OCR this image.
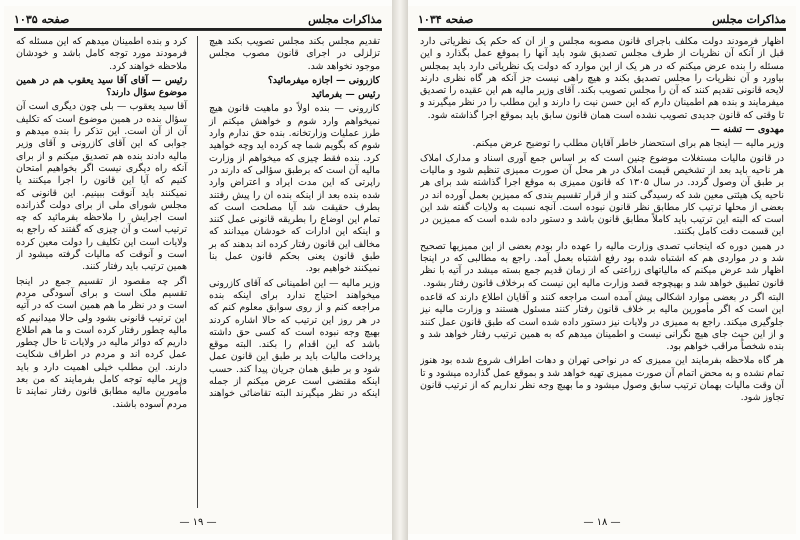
مذاکرات مجلس
صفحه ۱۰۳۵

تقدیم مجلس بکند مجلس تصویب بکند هیچ تزلزلی در اجرای قانون مصوب مجلس موجود نخواهد شد.

کازرونی — اجازه میفرمائید؟

رئیس — بفرمائید

کازرونی — بنده اولاً دو ماهیت قانون هیچ نمیخواهم وارد شوم و خواهش میکنم از طرز عملیات وزارتخانه. بنده حق ندارم وارد شوم که بگویم شما چه کرده اید وچه خواهید کرد. بنده فقط چیزی که میخواهم از وزارت مالیه آن است که برطبق سؤالی که دارند در راپرتی که این مدت ایراد و اعتراض وارد شده بنده بعد از اینکه بنده ان را پیش رفتند بطرف حقیقت شد آیا مصلحت است که تمام این اوضاع را بطریقه قانونی عمل کنند و اینکه این ادارات که خودشان میدانند که مخالف این قانون رفتار کرده اند بدهند که بر طبق قانون یعنی بحکم قانون عمل بنا نمیکنند خواهیم بود.

وزیر مالیه — این اطمینانی که آقای کازرونی میخواهند احتیاج ندارد برای اینکه بنده مراجعه کنم و از روی سوابق معلوم کنم که در هر روز این ترتیب که حالا اشاره کردند بهیچ وجه نبوده است که کسی حق داشته باشد که این اقدام را بکند. البته موقع پرداخت مالیات باید بر طبق این قانون عمل شود و بر طبق همان جریان پیدا کند. حسب اینکه مقتضی است عرض میکنم از جمله اینکه در نظر میگیرند البته تقاضائی خواهند کرد و بنده اطمینان میدهم که این مسئله که فرمودند مورد توجه کامل باشد و خودشان ملاحظه خواهند کرد.

رئیس — آقای آقا سید یعقوب هم در همین موضوع سؤال دارند؟

آقا سید یعقوب — بلی چون دیگری است آن سؤال بنده در همین موضوع است که تکلیف آن از آن است. این تذکر را بنده میدهم و جوابی که این آقای کازرونی و آقای وزیر مالیه دادند بنده هم تصدیق میکنم و از برای آنکه راه دیگری نیست اگر بخواهیم امتحان کنیم که آیا این قانون را اجرا میکنند یا نمیکنند باید آنوقت ببینیم. این قانونی که مجلس شورای ملی از برای دولت گذرانده است اجرایش را ملاحظه بفرمائید که چه ترتیب است و آن چیزی که گفتند که راجع به ولایات است این تکلیف را دولت معین کرده است و آنوقت که مالیات گرفته میشود از همین ترتیب باید رفتار کنند.

اگر چه مقصود از تقسیم جمع در اینجا تقسیم ملک است و برای آسودگی مردم است و در نظر ما هم همین است که در آتیه این ترتیب قانونی بشود ولی حالا میدانیم که مالیه چطور رفتار کرده است و ما هم اطلاع داریم که دوائر مالیه در ولایات تا حال چطور عمل کرده اند و مردم در اطراف شکایت دارند. این مطلب خیلی اهمیت دارد و باید وزیر مالیه توجه کامل بفرمایند که من بعد مأمورین مالیه مطابق قانون رفتار نمایند تا مردم آسوده باشند.

— ۱۹ —
مذاکرات مجلس
صفحه ۱۰۳۴

اظهار فرمودند دولت مکلف باجرای قانون مصوبه مجلس و از آن که حکم یک نظریاتی دارد قبل از آنکه آن نظریات از طرف مجلس تصدیق شود باید آنها را بموقع عمل بگذارد و این مسئله را بنده عرض میکنم که در هر یک از این موارد که دولت یک نظریاتی دارد باید بمجلس بیاورد و آن نظریات را مجلس تصدیق بکند و هیچ راهی نیست جز آنکه هر گاه نظری دارند لایحه قانونی تقدیم کنند که آن را مجلس تصویب بکند. آقای وزیر مالیه هم این عقیده را تصدیق میفرمایند و بنده هم اطمینان دارم که این حسن نیت را دارند و این مطلب را در نظر میگیرند و تا وقتی که قانون جدیدی تصویب نشده است همان قانون سابق باید بموقع اجرا گذاشته شود.

مهدوی — تشنه —

وزیر مالیه — اینجا هم برای استحضار خاطر آقایان مطلب را توضیح عرض میکنم.

در قانون مالیات مستغلات موضوع چنین است که بر اساس جمع آوری اسناد و مدارک املاک هر ناحیه باید بعد از تشخیص قیمت املاک در هر محل آن صورت ممیزی تنظیم شود و مالیات بر طبق آن وصول گردد. در سال ۱۳۰۵ که قانون ممیزی به موقع اجرا گذاشته شد برای هر ناحیه یک هیئتی معین شد که رسیدگی کنند و از قرار تقسیم بندی که ممیزین بعمل آورده اند در بعضی از محلها ترتیب کار مطابق نظر قانون نبوده است. آنچه نسبت به ولایات گفته شد این است که البته این ترتیب باید کاملاً مطابق قانون باشد و دستور داده شده است که ممیزین در این قسمت دقت کامل بکنند.

در همین دوره که اینجانب تصدی وزارت مالیه را عهده دار بودم بعضی از این ممیزیها تصحیح شد و در مواردی هم که اشتباه شده بود رفع اشتباه بعمل آمد. راجع به مطالبی که در اینجا اظهار شد عرض میکنم که مالیاتهای زراعتی که از زمان قدیم جمع بسته میشد در آتیه با نظر قانون تطبیق خواهد شد و بهیچوجه قصد وزارت مالیه این نیست که برخلاف قانون رفتار بشود.

البته اگر در بعضی موارد اشکالی پیش آمده است مراجعه کنند و آقایان اطلاع دارند که قاعده این است که اگر مأمورین مالیه بر خلاف قانون رفتار کنند مسئول هستند و وزارت مالیه نیز جلوگیری میکند. راجع به ممیزی در ولایات نیز دستور داده شده است که طبق قانون عمل کنند و از این حیث جای هیچ نگرانی نیست و اطمینان میدهم که به همین ترتیب رفتار خواهد شد و بنده شخصاً مراقب خواهم بود.

هر گاه ملاحظه بفرمایند این ممیزی که در نواحی تهران و دهات اطراف شروع شده بود هنوز تمام نشده و به محض اتمام آن صورت ممیزی تهیه خواهد شد و بموقع عمل گذارده میشود و تا آن وقت مالیات بهمان ترتیب سابق وصول میشود و ما بهیچ وجه نظر نداریم که از ترتیب قانون تجاوز شود.

— ۱۸ —
